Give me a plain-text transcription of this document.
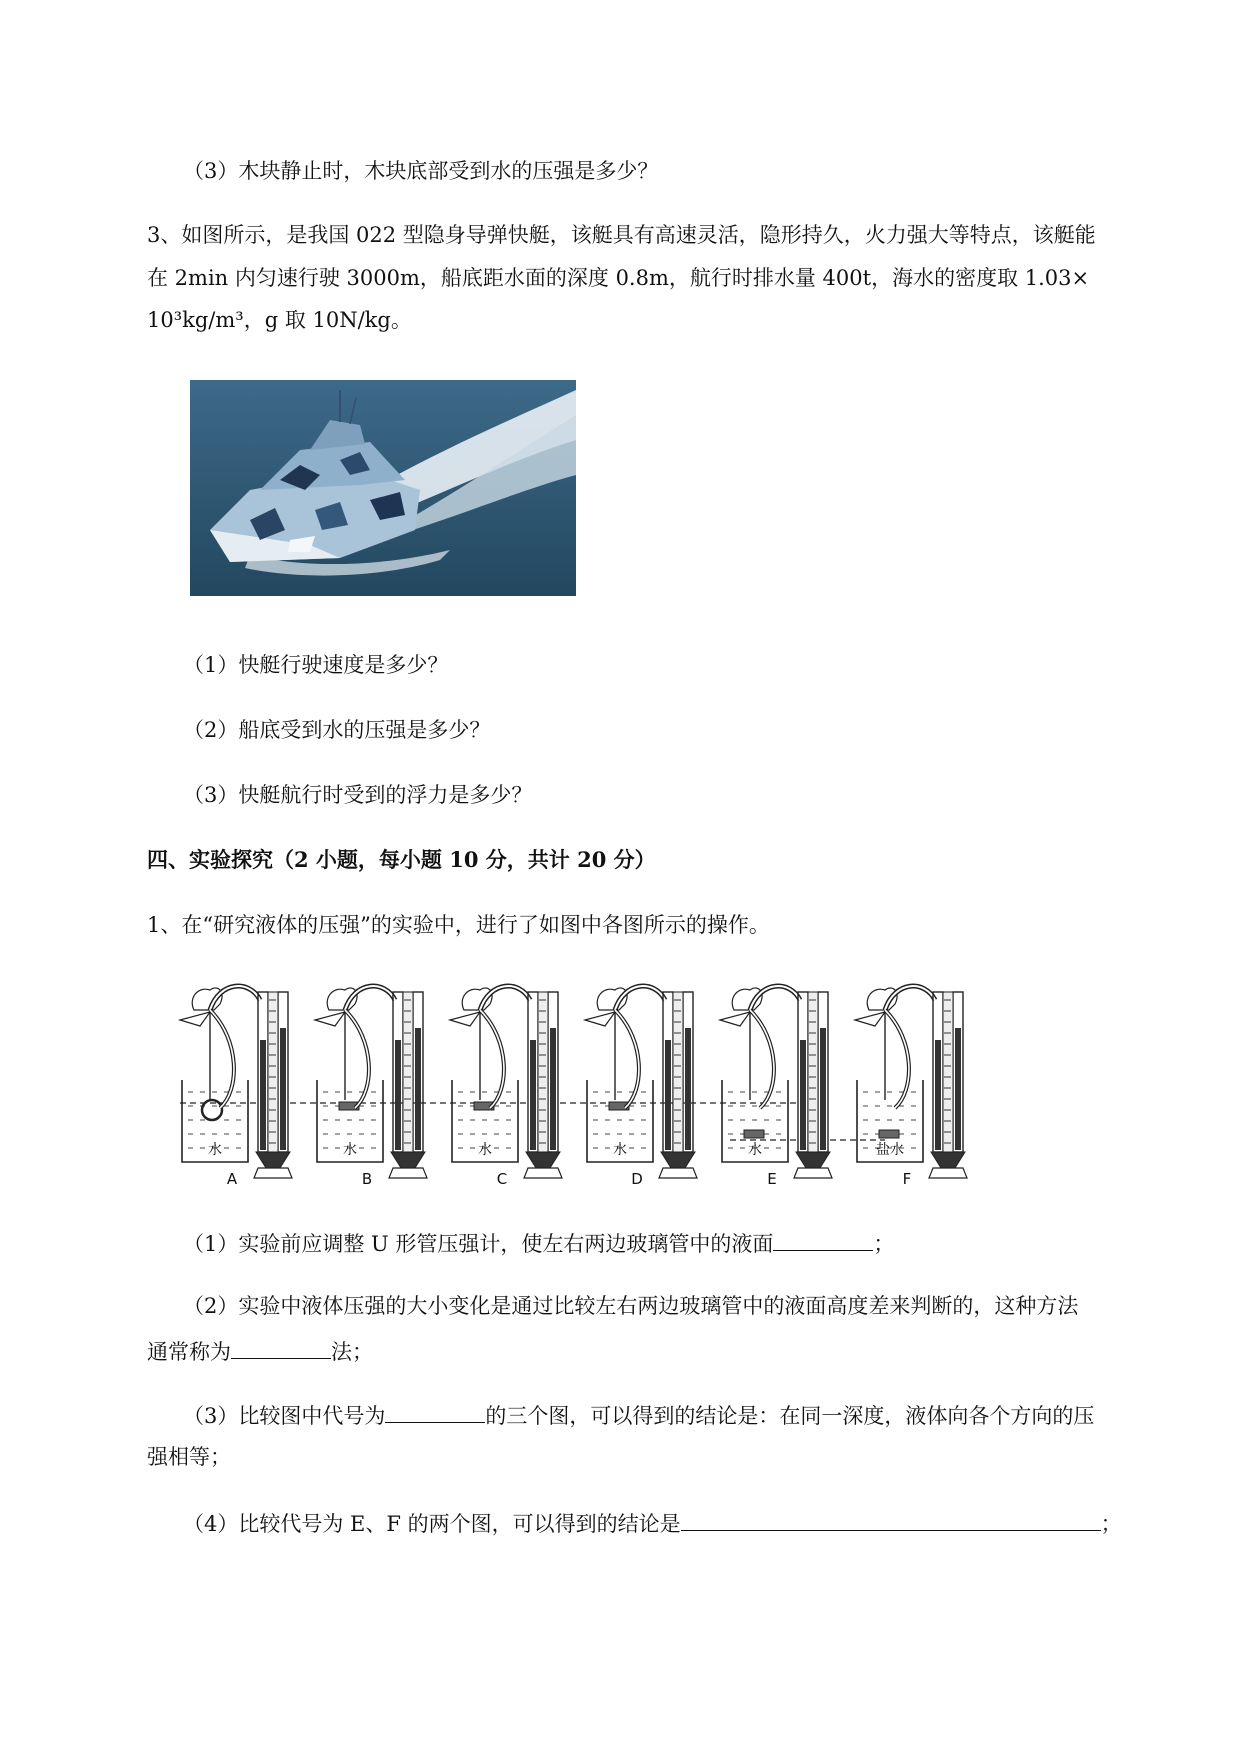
（3）木块静止时，木块底部受到水的压强是多少？
3、如图所示，是我国 022 型隐身导弹快艇，该艇具有高速灵活，隐形持久，火力强大等特点，该艇能
在 2min 内匀速行驶 3000m，船底距水面的深度 0.8m，航行时排水量 400t，海水的密度取 1.03×
10³kg/m³，g 取 10N/kg。
（1）快艇行驶速度是多少？
（2）船底受到水的压强是多少？
（3）快艇航行时受到的浮力是多少？
四、实验探究（2 小题，每小题 10 分，共计 20 分）
1、在“研究液体的压强”的实验中，进行了如图中各图所示的操作。
水
A
水
B
水
C
水
D
水
E
盐水
F
（1）实验前应调整 U 形管压强计，使左右两边玻璃管中的液面	；
（2）实验中液体压强的大小变化是通过比较左右两边玻璃管中的液面高度差来判断的，这种方法
通常称为	法；
（3）比较图中代号为	的三个图，可以得到的结论是：在同一深度，液体向各个方向的压
强相等；
（4）比较代号为 E、F 的两个图，可以得到的结论是	；
